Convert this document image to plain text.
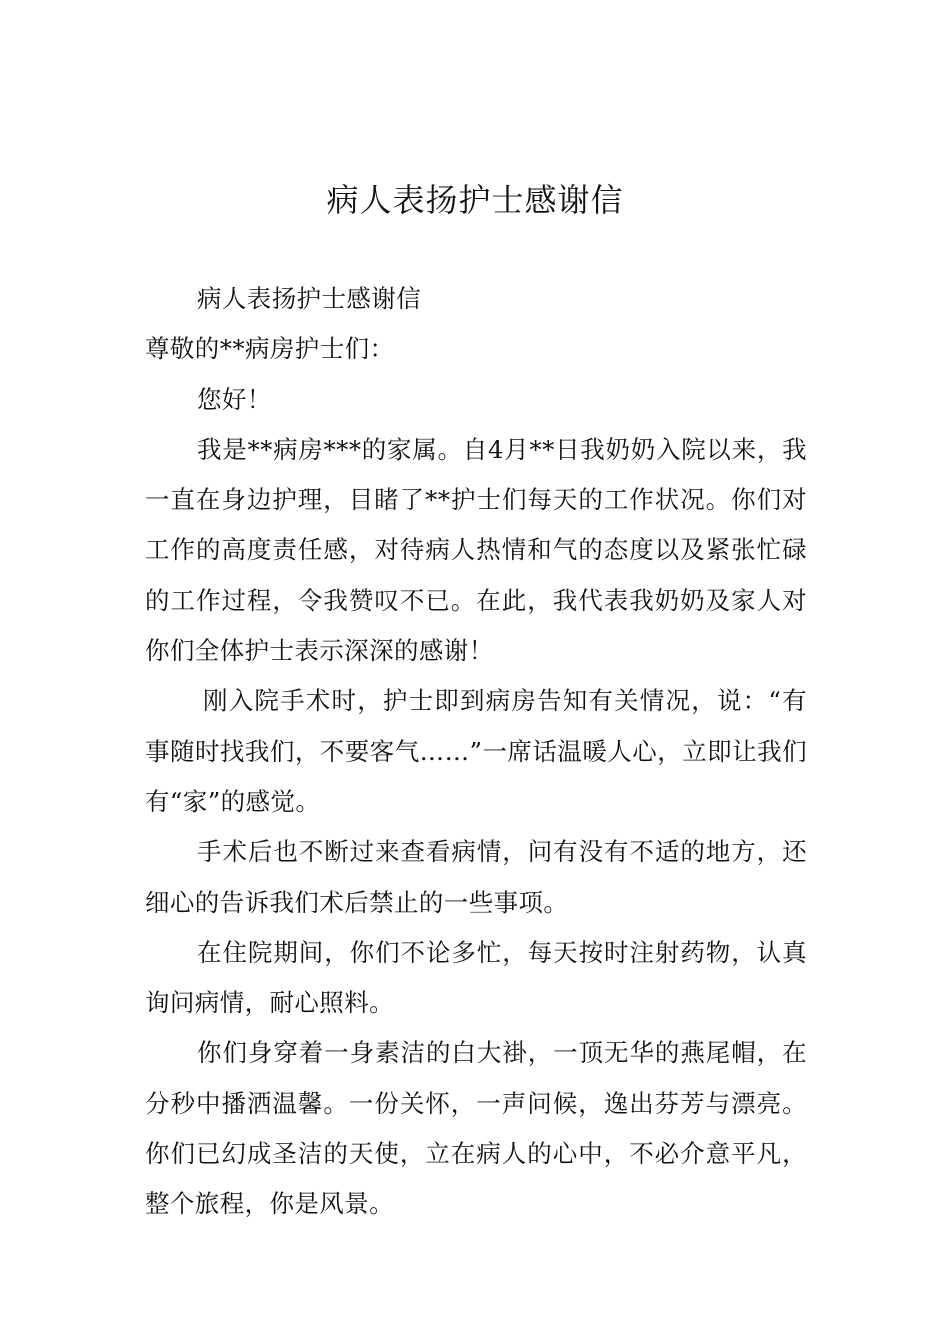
病人表扬护士感谢信

病人表扬护士感谢信

尊敬的**病房护士们：

您好！

我是**病房***的家属。自4月**日我奶奶入院以来，我一直在身边护理，目睹了**护士们每天的工作状况。你们对工作的高度责任感，对待病人热情和气的态度以及紧张忙碌的工作过程，令我赞叹不已。在此，我代表我奶奶及家人对你们全体护士表示深深的感谢！

刚入院手术时，护士即到病房告知有关情况，说：“有事随时找我们，不要客气……”一席话温暖人心，立即让我们有“家”的感觉。

手术后也不断过来查看病情，问有没有不适的地方，还细心的告诉我们术后禁止的一些事项。

在住院期间，你们不论多忙，每天按时注射药物，认真询问病情，耐心照料。

你们身穿着一身素洁的白大褂，一顶无华的燕尾帽，在分秒中播洒温馨。一份关怀，一声问候，逸出芬芳与漂亮。你们已幻成圣洁的天使，立在病人的心中，不必介意平凡，整个旅程，你是风景。
